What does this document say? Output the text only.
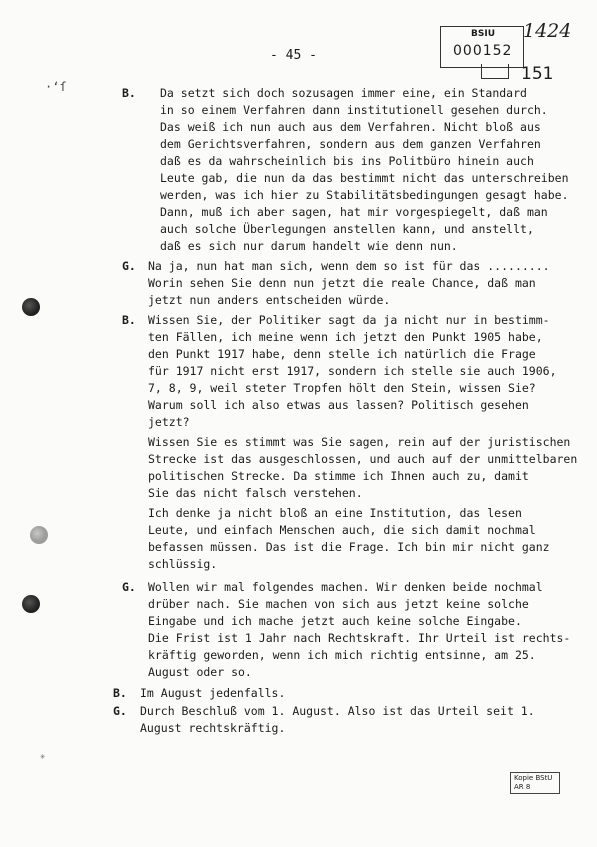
BSIU
000152
1424
- 45 -
151
·‘ſ
✳
B. Da setzt sich doch sozusagen immer eine, ein Standard
in so einem Verfahren dann institutionell gesehen durch.
Das weiß ich nun auch aus dem Verfahren. Nicht bloß aus
dem Gerichtsverfahren, sondern aus dem ganzen Verfahren
daß es da wahrscheinlich bis ins Politbüro hinein auch
Leute gab, die nun da das bestimmt nicht das unterschreiben
werden, was ich hier zu Stabilitätsbedingungen gesagt habe.
Dann, muß ich aber sagen, hat mir vorgespiegelt, daß man
auch solche Überlegungen anstellen kann, und anstellt,
daß es sich nur darum handelt wie denn nun.
G. Na ja, nun hat man sich, wenn dem so ist für das .........
Worin sehen Sie denn nun jetzt die reale Chance, daß man
jetzt nun anders entscheiden würde.
B. Wissen Sie, der Politiker sagt da ja nicht nur in bestimm-
ten Fällen, ich meine wenn ich jetzt den Punkt 1905 habe,
den Punkt 1917 habe, denn stelle ich natürlich die Frage
für 1917 nicht erst 1917, sondern ich stelle sie auch 1906,
7, 8, 9, weil steter Tropfen hölt den Stein, wissen Sie?
Warum soll ich also etwas aus lassen? Politisch gesehen
jetzt?
Wissen Sie es stimmt was Sie sagen, rein auf der juristischen
Strecke ist das ausgeschlossen, und auch auf der unmittelbaren
politischen Strecke. Da stimme ich Ihnen auch zu, damit
Sie das nicht falsch verstehen.
Ich denke ja nicht bloß an eine Institution, das lesen
Leute, und einfach Menschen auch, die sich damit nochmal
befassen müssen. Das ist die Frage. Ich bin mir nicht ganz
schlüssig.
G. Wollen wir mal folgendes machen. Wir denken beide nochmal
drüber nach. Sie machen von sich aus jetzt keine solche
Eingabe und ich mache jetzt auch keine solche Eingabe.
Die Frist ist 1 Jahr nach Rechtskraft. Ihr Urteil ist rechts-
kräftig geworden, wenn ich mich richtig entsinne, am 25.
August oder so.
B. Im August jedenfalls.
G. Durch Beschluß vom 1. August. Also ist das Urteil seit 1.
August rechtskräftig.
Kopie BStU
AR 8
